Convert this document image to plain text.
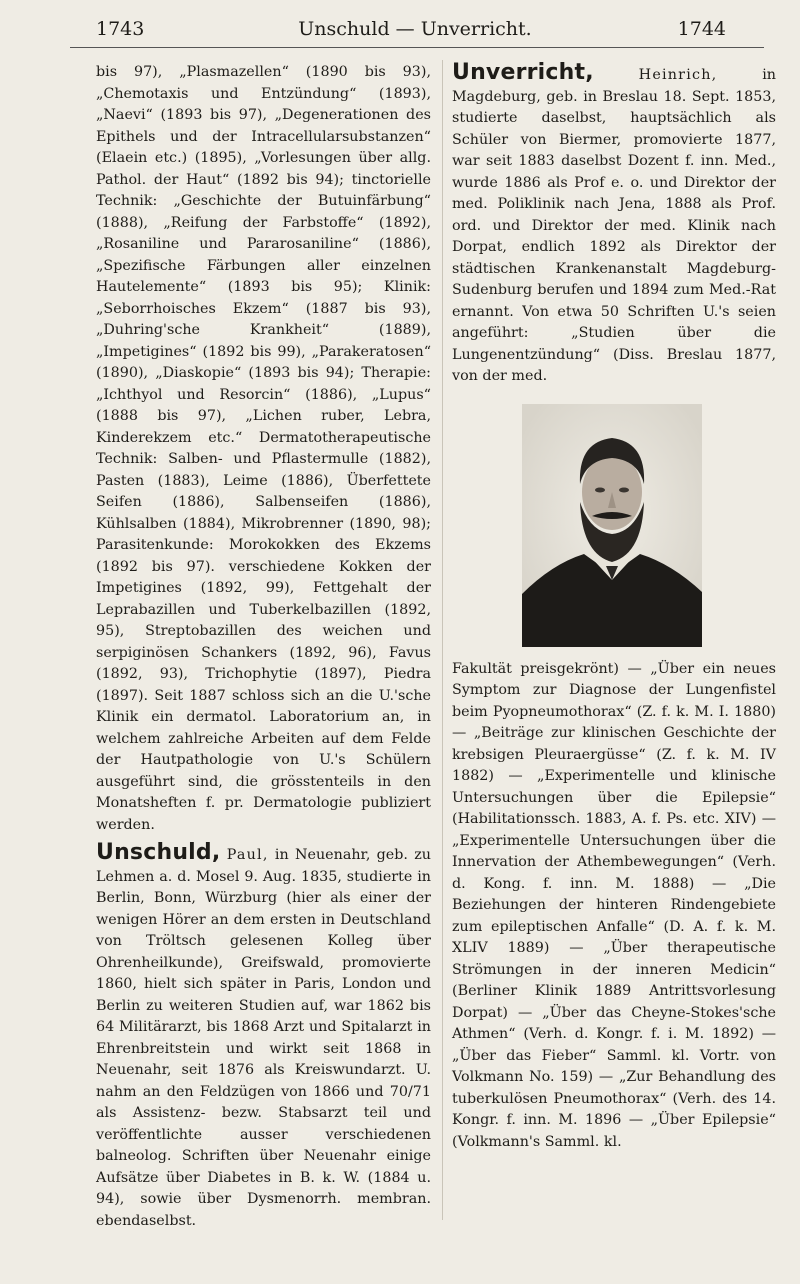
1743	Unschuld — Unverricht.	1744

bis 97), „Plasmazellen“ (1890 bis 93), „Chemotaxis und Entzündung“ (1893), „Naevi“ (1893 bis 97), „Degenerationen des Epithels und der Intracellularsubstanzen“ (Elaein etc.) (1895), „Vorlesungen über allg. Pathol. der Haut“ (1892 bis 94); tinctorielle Technik: „Geschichte der Butuinfärbung“ (1888), „Reifung der Farbstoffe“ (1892), „Rosaniline und Pararosaniline“ (1886), „Spezifische Färbungen aller einzelnen Hautelemente“ (1893 bis 95); Klinik: „Seborrhoisches Ekzem“ (1887 bis 93), „Duhring'sche Krankheit“ (1889), „Impetigines“ (1892 bis 99), „Parakeratosen“ (1890), „Diaskopie“ (1893 bis 94); Therapie: „Ichthyol und Resorcin“ (1886), „Lupus“ (1888 bis 97), „Lichen ruber, Lebra, Kinderekzem etc.“ Dermatotherapeutische Technik: Salben- und Pflastermulle (1882), Pasten (1883), Leime (1886), Überfettete Seifen (1886), Salbenseifen (1886), Kühlsalben (1884), Mikrobrenner (1890, 98); Parasitenkunde: Morokokken des Ekzems (1892 bis 97). verschiedene Kokken der Impetigines (1892, 99), Fettgehalt der Leprabazillen und Tuberkelbazillen (1892, 95), Streptobazillen des weichen und serpiginösen Schankers (1892, 96), Favus (1892, 93), Trichophytie (1897), Piedra (1897). Seit 1887 schloss sich an die U.'sche Klinik ein dermatol. Laboratorium an, in welchem zahlreiche Arbeiten auf dem Felde der Hautpathologie von U.'s Schülern ausgeführt sind, die grösstenteils in den Monatsheften f. pr. Dermatologie publiziert werden.

Unschuld, Paul, in Neuenahr, geb. zu Lehmen a. d. Mosel 9. Aug. 1835, studierte in Berlin, Bonn, Würzburg (hier als einer der wenigen Hörer an dem ersten in Deutschland von Tröltsch gelesenen Kolleg über Ohrenheilkunde), Greifswald, promovierte 1860, hielt sich später in Paris, London und Berlin zu weiteren Studien auf, war 1862 bis 64 Militärarzt, bis 1868 Arzt und Spitalarzt in Ehrenbreitstein und wirkt seit 1868 in Neuenahr, seit 1876 als Kreiswundarzt. U. nahm an den Feldzügen von 1866 und 70/71 als Assistenz- bezw. Stabsarzt teil und veröffentlichte ausser verschiedenen balneolog. Schriften über Neuenahr einige Aufsätze über Diabetes in B. k. W. (1884 u. 94), sowie über Dysmenorrh. membran. ebendaselbst.

Unverricht,	Heinrich,	in Magdeburg, geb. in Breslau 18. Sept. 1853, studierte daselbst, hauptsächlich als Schüler von Biermer, promovierte 1877, war seit 1883 daselbst Dozent f. inn. Med., wurde 1886 als Prof e. o. und Direktor der med. Poliklinik nach Jena, 1888 als Prof. ord. und Direktor der med. Klinik nach Dorpat, endlich 1892 als Direktor der städtischen Krankenanstalt Magdeburg-Sudenburg berufen und 1894 zum Med.-Rat ernannt. Von etwa 50 Schriften U.'s seien angeführt: „Studien über die Lungenentzündung“ (Diss. Breslau 1877, von der med.

Fakultät preisgekrönt) — „Über ein neues Symptom zur Diagnose der Lungenfistel beim Pyopneumothorax“ (Z. f. k. M. I. 1880) — „Beiträge zur klinischen Geschichte der krebsigen Pleuraergüsse“ (Z. f. k. M. IV 1882) — „Experimentelle und klinische Untersuchungen über die Epilepsie“ (Habilitationssch. 1883, A. f. Ps. etc. XIV) — „Experimentelle Untersuchungen über die Innervation der Athembewegungen“ (Verh. d. Kong. f. inn. M. 1888) — „Die Beziehungen der hinteren Rindengebiete zum epileptischen Anfalle“ (D. A. f. k. M. XLIV 1889) — „Über therapeutische Strömungen in der inneren Medicin“ (Berliner Klinik 1889 Antrittsvorlesung Dorpat) — „Über das Cheyne-Stokes'sche Athmen“ (Verh. d. Kongr. f. i. M. 1892) — „Über das Fieber“ Samml. kl. Vortr. von Volkmann No. 159) — „Zur Behandlung des tuberkulösen Pneumothorax“ (Verh. des 14. Kongr. f. inn. M. 1896 — „Über Epilepsie“ (Volkmann's Samml. kl.
